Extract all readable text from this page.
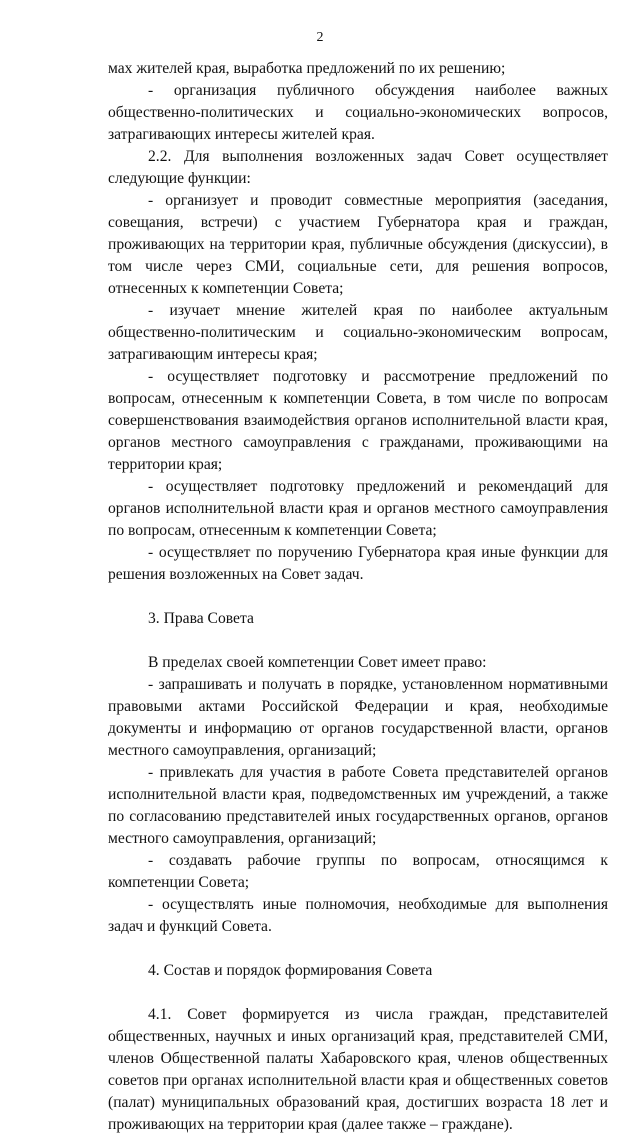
2

мах жителей края, выработка предложений по их решению;

- организация публичного обсуждения наиболее важных общественно-политических и социально-экономических вопросов, затрагивающих интересы жителей края.

2.2. Для выполнения возложенных задач Совет осуществляет следующие функции:

- организует и проводит совместные мероприятия (заседания, совещания, встречи) с участием Губернатора края и граждан, проживающих на территории края, публичные обсуждения (дискуссии), в том числе через СМИ, социальные сети, для решения вопросов, отнесенных к компетенции Совета;

- изучает мнение жителей края по наиболее актуальным общественно-политическим и социально-экономическим вопросам, затрагивающим интересы края;

- осуществляет подготовку и рассмотрение предложений по вопросам, отнесенным к компетенции Совета, в том числе по вопросам совершенствования взаимодействия органов исполнительной власти края, органов местного самоуправления с гражданами, проживающими на территории края;

- осуществляет подготовку предложений и рекомендаций для органов исполнительной власти края и органов местного самоуправления по вопросам, отнесенным к компетенции Совета;

- осуществляет по поручению Губернатора края иные функции для решения возложенных на Совет задач.

3. Права Совета

В пределах своей компетенции Совет имеет право:

- запрашивать и получать в порядке, установленном нормативными правовыми актами Российской Федерации и края, необходимые документы и информацию от органов государственной власти, органов местного самоуправления, организаций;

- привлекать для участия в работе Совета представителей органов исполнительной власти края, подведомственных им учреждений, а также по согласованию представителей иных государственных органов, органов местного самоуправления, организаций;

- создавать рабочие группы по вопросам, относящимся к компетенции Совета;

- осуществлять иные полномочия, необходимые для выполнения задач и функций Совета.

4. Состав и порядок формирования Совета

4.1. Совет формируется из числа граждан, представителей общественных, научных и иных организаций края, представителей СМИ, членов Общественной палаты Хабаровского края, членов общественных советов при органах исполнительной власти края и общественных советов (палат) муниципальных образований края, достигших возраста 18 лет и проживающих на территории края (далее также – граждане).
